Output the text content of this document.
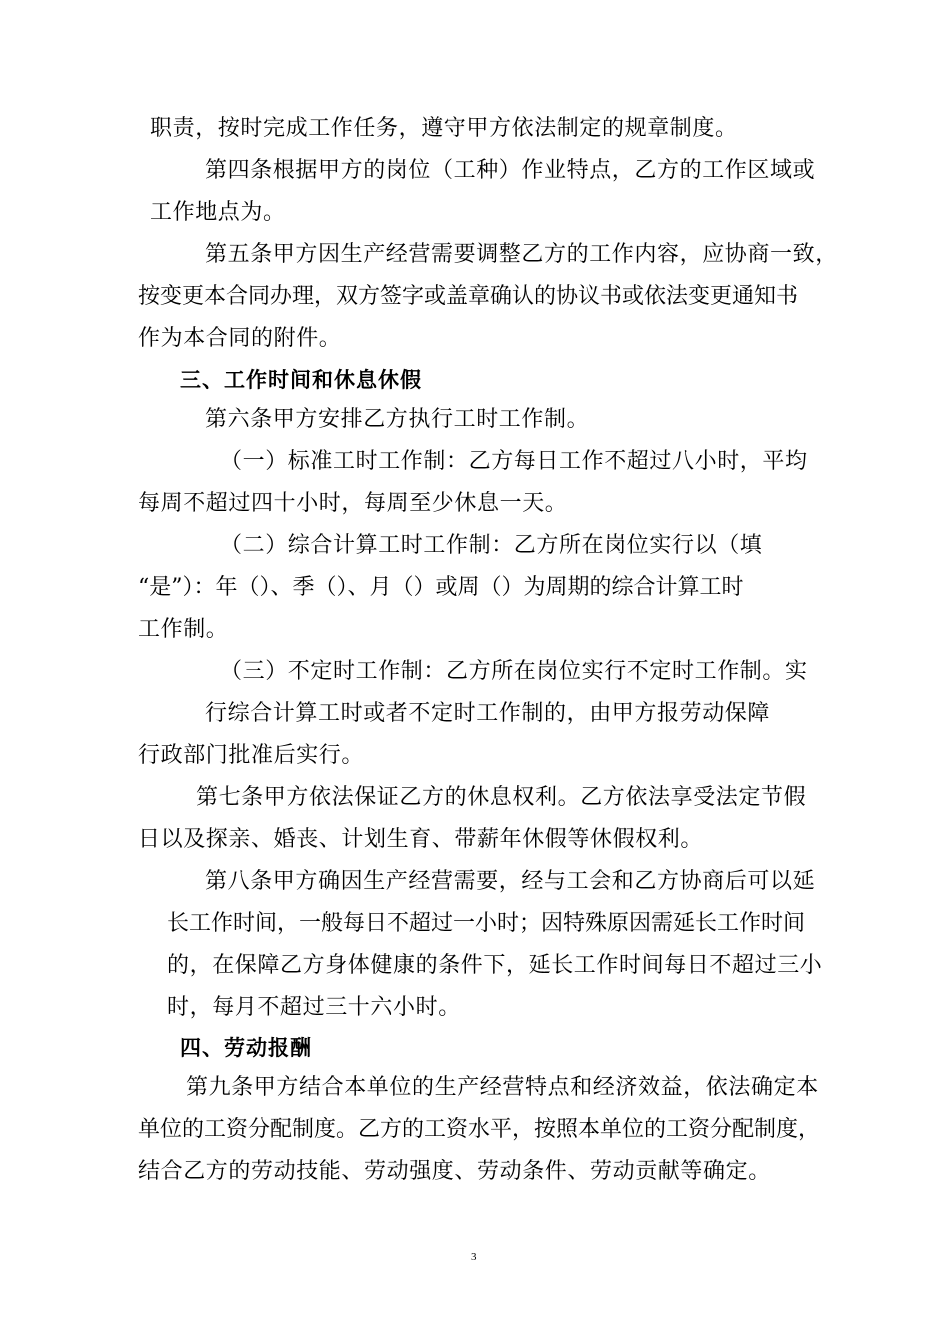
职责，按时完成工作任务，遵守甲方依法制定的规章制度。
第四条根据甲方的岗位（工种）作业特点，乙方的工作区域或
工作地点为。
第五条甲方因生产经营需要调整乙方的工作内容，应协商一致，
按变更本合同办理，双方签字或盖章确认的协议书或依法变更通知书
作为本合同的附件。
三、工作时间和休息休假
第六条甲方安排乙方执行工时工作制。
（一）标准工时工作制：乙方每日工作不超过八小时，平均
每周不超过四十小时，每周至少休息一天。
（二）综合计算工时工作制：乙方所在岗位实行以（填
“是”）：年（）、季（）、月（）或周（）为周期的综合计算工时
工作制。
（三）不定时工作制：乙方所在岗位实行不定时工作制。实
行综合计算工时或者不定时工作制的，由甲方报劳动保障
行政部门批准后实行。
第七条甲方依法保证乙方的休息权利。乙方依法享受法定节假
日以及探亲、婚丧、计划生育、带薪年休假等休假权利。
第八条甲方确因生产经营需要，经与工会和乙方协商后可以延
长工作时间，一般每日不超过一小时；因特殊原因需延长工作时间
的，在保障乙方身体健康的条件下，延长工作时间每日不超过三小
时，每月不超过三十六小时。
四、劳动报酬
第九条甲方结合本单位的生产经营特点和经济效益，依法确定本
单位的工资分配制度。乙方的工资水平，按照本单位的工资分配制度，
结合乙方的劳动技能、劳动强度、劳动条件、劳动贡献等确定。
3
